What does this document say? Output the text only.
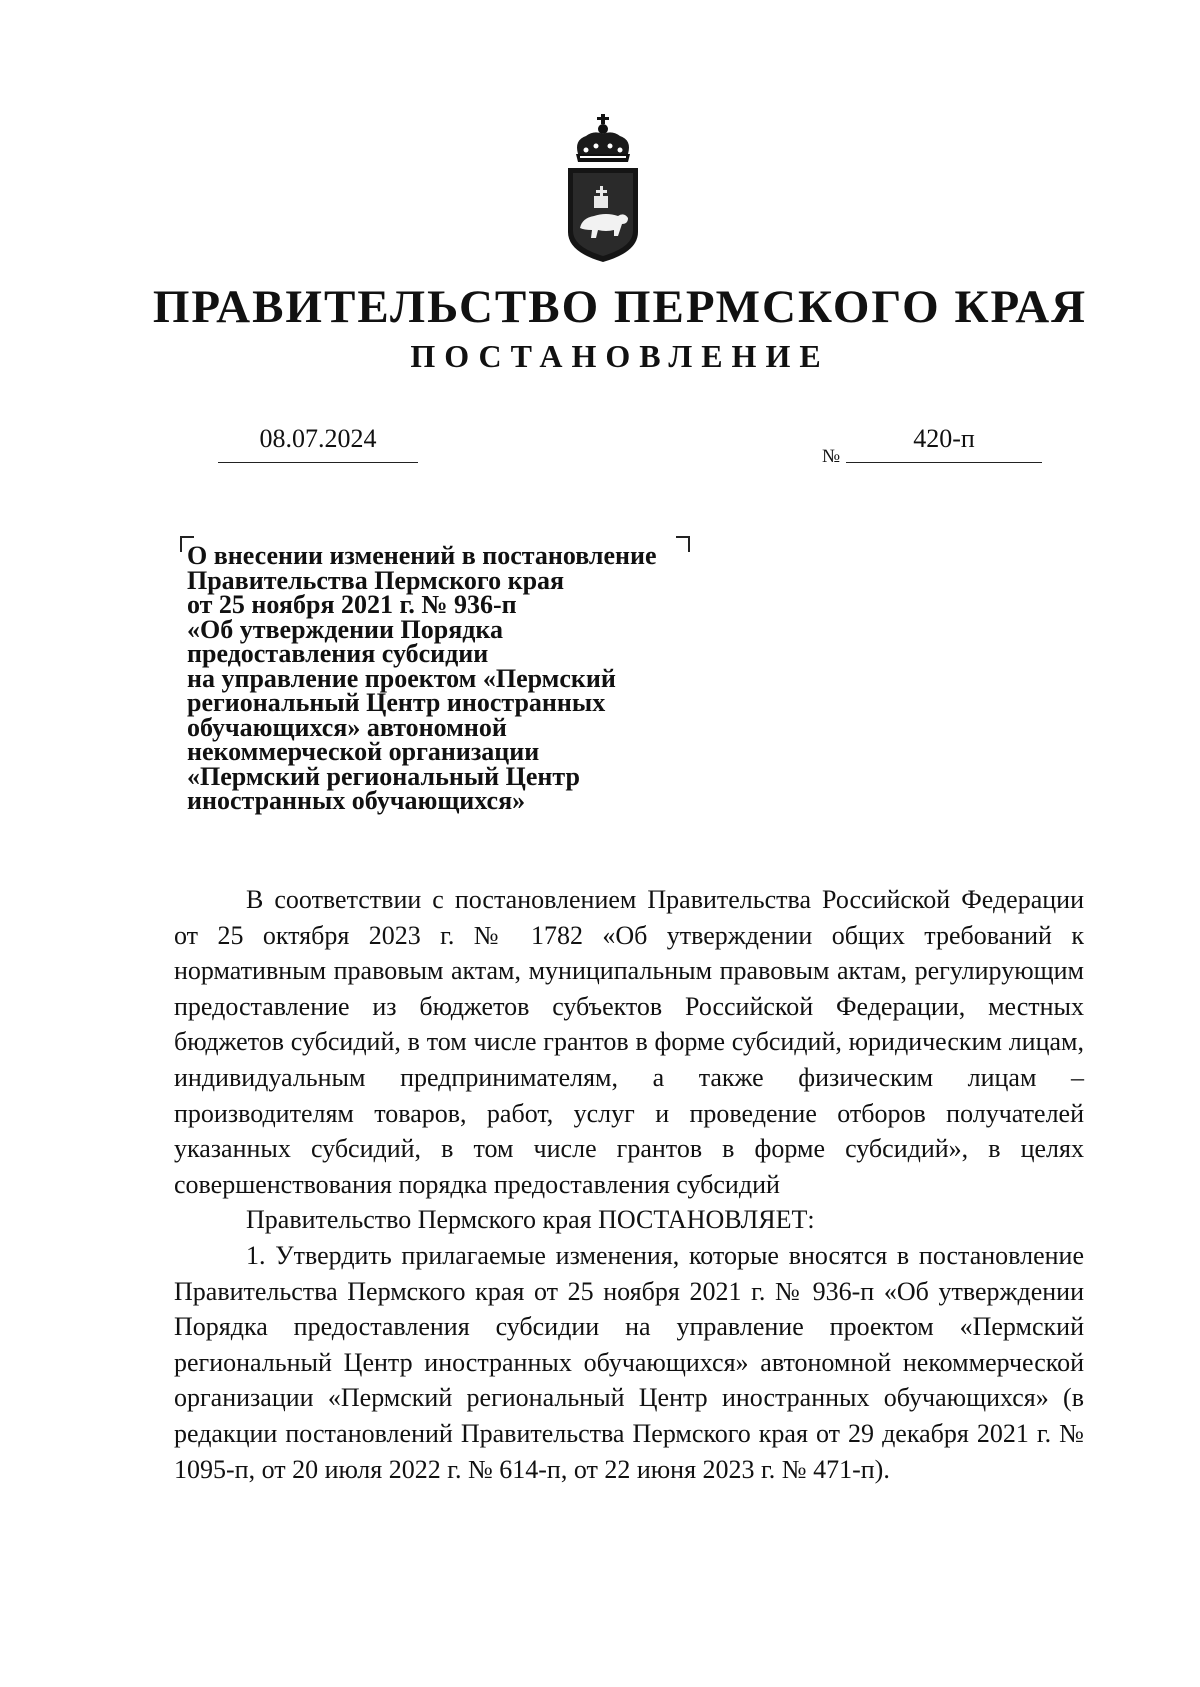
ПРАВИТЕЛЬСТВО ПЕРМСКОГО КРАЯ
ПОСТАНОВЛЕНИЕ
08.07.2024
№
420-п
О внесении изменений в постановление
Правительства Пермского края
от 25 ноября 2021 г. № 936-п
«Об утверждении Порядка
предоставления субсидии
на управление проектом «Пермский
региональный Центр иностранных
обучающихся» автономной
некоммерческой организации
«Пермский региональный Центр
иностранных обучающихся»

В соответствии с постановлением Правительства Российской Федерации от 25 октября 2023 г. № 1782 «Об утверждении общих требований к нормативным правовым актам, муниципальным правовым актам, регулирующим предоставление из бюджетов субъектов Российской Федерации, местных бюджетов субсидий, в том числе грантов в форме субсидий, юридическим лицам, индивидуальным предпринимателям, а также физическим лицам – производителям товаров, работ, услуг и проведение отборов получателей указанных субсидий, в том числе грантов в форме субсидий», в целях совершенствования порядка предоставления субсидий

Правительство Пермского края ПОСТАНОВЛЯЕТ:

1. Утвердить прилагаемые изменения, которые вносятся в постановление Правительства Пермского края от 25 ноября 2021 г. № 936-п «Об утверждении Порядка предоставления субсидии на управление проектом «Пермский региональный Центр иностранных обучающихся» автономной некоммерческой организации «Пермский региональный Центр иностранных обучающихся» (в редакции постановлений Правительства Пермского края от 29 декабря 2021 г. № 1095-п, от 20 июля 2022 г. № 614-п, от 22 июня 2023 г. № 471-п).
